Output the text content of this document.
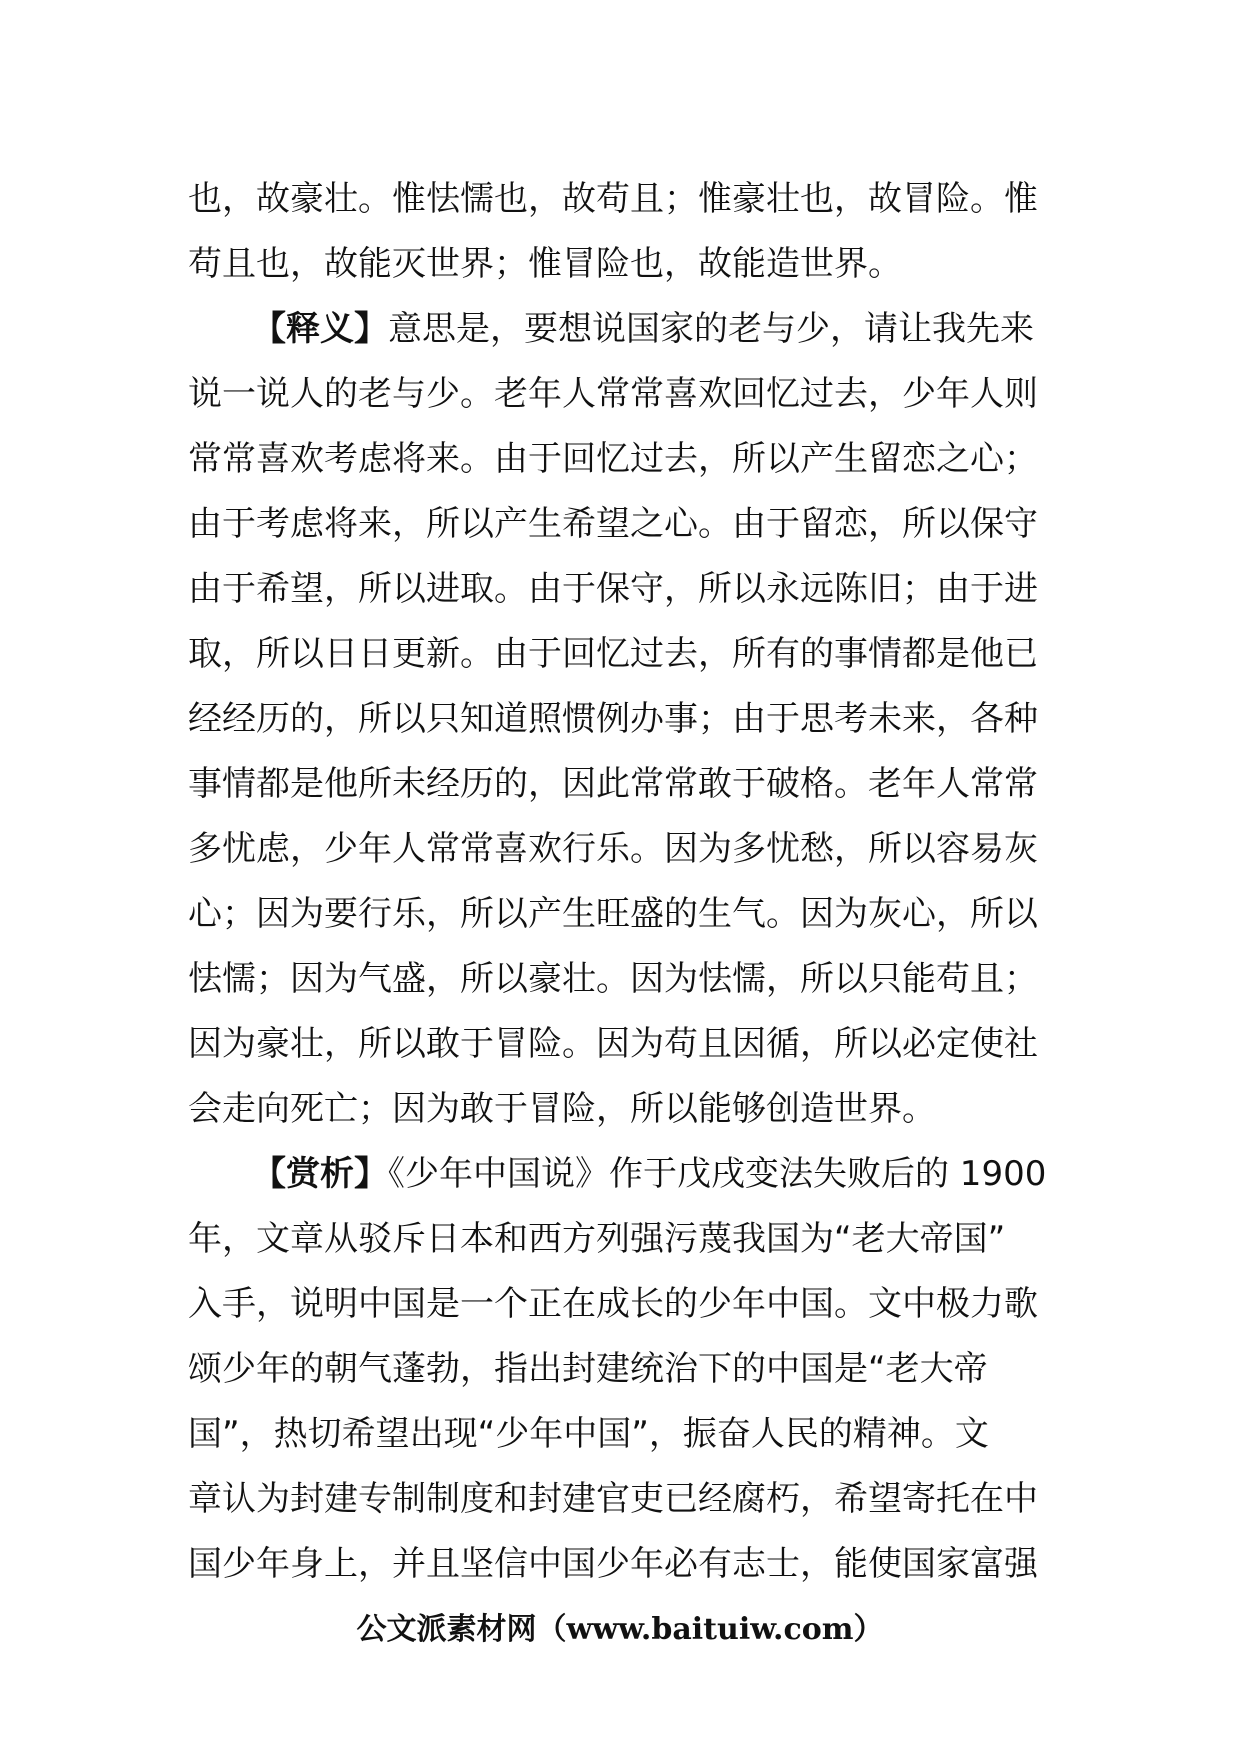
也，故豪壮。惟怯懦也，故苟且；惟豪壮也，故冒险。惟
苟且也，故能灭世界；惟冒险也，故能造世界。
【释义】意思是，要想说国家的老与少，请让我先来
说一说人的老与少。老年人常常喜欢回忆过去，少年人则
常常喜欢考虑将来。由于回忆过去，所以产生留恋之心；
由于考虑将来，所以产生希望之心。由于留恋，所以保守
由于希望，所以进取。由于保守，所以永远陈旧；由于进
取，所以日日更新。由于回忆过去，所有的事情都是他已
经经历的，所以只知道照惯例办事；由于思考未来，各种
事情都是他所未经历的，因此常常敢于破格。老年人常常
多忧虑，少年人常常喜欢行乐。因为多忧愁，所以容易灰
心；因为要行乐，所以产生旺盛的生气。因为灰心，所以
怯懦；因为气盛，所以豪壮。因为怯懦，所以只能苟且；
因为豪壮，所以敢于冒险。因为苟且因循，所以必定使社
会走向死亡；因为敢于冒险，所以能够创造世界。
【赏析】《少年中国说》作于戊戌变法失败后的 1900
年，文章从驳斥日本和西方列强污蔑我国为“老大帝国”
入手，说明中国是一个正在成长的少年中国。文中极力歌
颂少年的朝气蓬勃，指出封建统治下的中国是“老大帝
国”，热切希望出现“少年中国”，振奋人民的精神。文
章认为封建专制制度和封建官吏已经腐朽，希望寄托在中
国少年身上，并且坚信中国少年必有志士，能使国家富强
公文派素材网（www.baituiw.com）
